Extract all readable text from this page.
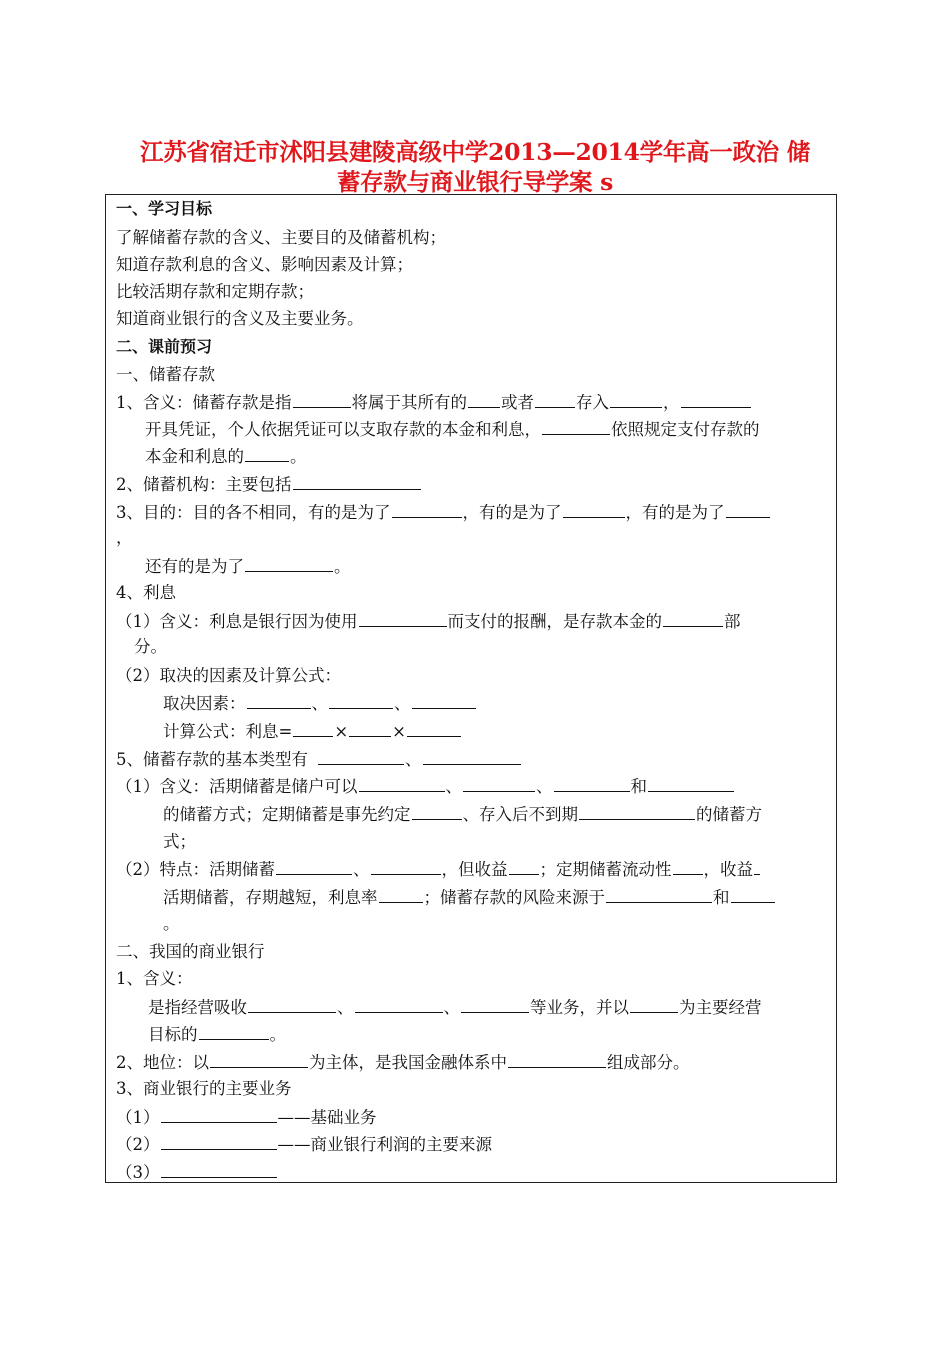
江苏省宿迁市沭阳县建陵高级中学2013—2014学年高一政治 储
蓄存款与商业银行导学案 s
一、学习目标
了解储蓄存款的含义、主要目的及储蓄机构；
知道存款利息的含义、影响因素及计算；
比较活期存款和定期存款；
知道商业银行的含义及主要业务。
二、课前预习
一、储蓄存款
1、含义：储蓄存款是指	将属于其所有的 或者	存入	，
开具凭证，个人依据凭证可以支取存款的本金和利息，	依照规定支付存款的
本金和利息的	。
2、储蓄机构：主要包括
3、目的：目的各不相同，有的是为了	，有的是为了	，有的是为了
，
还有的是为了	。
4、利息
（1）含义：利息是银行因为使用	而支付的报酬，是存款本金的	部
分。
（2）取决的因素及计算公式：
取决因素：	、	、
计算公式：利息=	×	×
5、储蓄存款的基本类型有	、
（1）含义：活期储蓄是储户可以	、	、	和
的储蓄方式；定期储蓄是事先约定	、存入后不到期	的储蓄方
式；
（2）特点：活期储蓄	、	，但收益 ；定期储蓄流动性 ，收益
活期储蓄，存期越短，利息率	；储蓄存款的风险来源于	和
。
二、我国的商业银行
1、含义：
是指经营吸收	、	、	等业务，并以	为主要经营
目标的	。
2、地位：以	为主体，是我国金融体系中	组成部分。
3、商业银行的主要业务
（1）	——基础业务
（2）	——商业银行利润的主要来源
（3）
